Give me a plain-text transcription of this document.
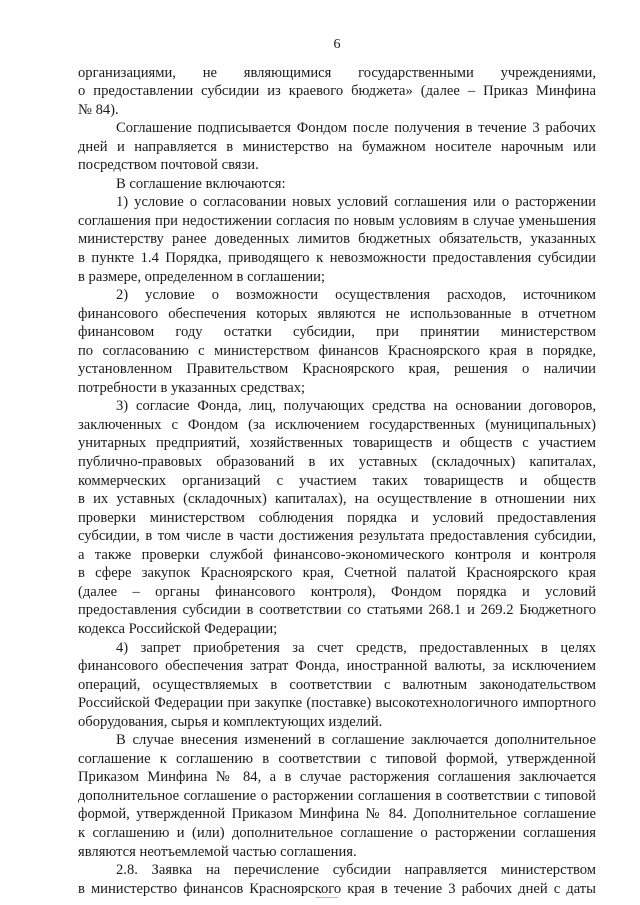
6
организациями, не являющимися государственными учреждениями,
о предоставлении субсидии из краевого бюджета» (далее – Приказ Минфина
№ 84).
Соглашение подписывается Фондом после получения в течение 3 рабочих
дней и направляется в министерство на бумажном носителе нарочным или
посредством почтовой связи.
В соглашение включаются:
1) условие о согласовании новых условий соглашения или о расторжении
соглашения при недостижении согласия по новым условиям в случае уменьшения
министерству ранее доведенных лимитов бюджетных обязательств, указанных
в пункте 1.4 Порядка, приводящего к невозможности предоставления субсидии
в размере, определенном в соглашении;
2) условие о возможности осуществления расходов, источником
финансового обеспечения которых являются не использованные в отчетном
финансовом году остатки субсидии, при принятии министерством
по согласованию с министерством финансов Красноярского края в порядке,
установленном Правительством Красноярского края, решения о наличии
потребности в указанных средствах;
3) согласие Фонда, лиц, получающих средства на основании договоров,
заключенных с Фондом (за исключением государственных (муниципальных)
унитарных предприятий, хозяйственных товариществ и обществ с участием
публично-правовых образований в их уставных (складочных) капиталах,
коммерческих организаций с участием таких товариществ и обществ
в их уставных (складочных) капиталах), на осуществление в отношении них
проверки министерством соблюдения порядка и условий предоставления
субсидии, в том числе в части достижения результата предоставления субсидии,
а также проверки службой финансово-экономического контроля и контроля
в сфере закупок Красноярского края, Счетной палатой Красноярского края
(далее – органы финансового контроля), Фондом порядка и условий
предоставления субсидии в соответствии со статьями 268.1 и 269.2 Бюджетного
кодекса Российской Федерации;
4) запрет приобретения за счет средств, предоставленных в целях
финансового обеспечения затрат Фонда, иностранной валюты, за исключением
операций, осуществляемых в соответствии с валютным законодательством
Российской Федерации при закупке (поставке) высокотехнологичного импортного
оборудования, сырья и комплектующих изделий.
В случае внесения изменений в соглашение заключается дополнительное
соглашение к соглашению в соответствии с типовой формой, утвержденной
Приказом Минфина № 84, а в случае расторжения соглашения заключается
дополнительное соглашение о расторжении соглашения в соответствии с типовой
формой, утвержденной Приказом Минфина № 84. Дополнительное соглашение
к соглашению и (или) дополнительное соглашение о расторжении соглашения
являются неотъемлемой частью соглашения.
2.8. Заявка на перечисление субсидии направляется министерством
в министерство финансов Красноярского края в течение 3 рабочих дней с даты
